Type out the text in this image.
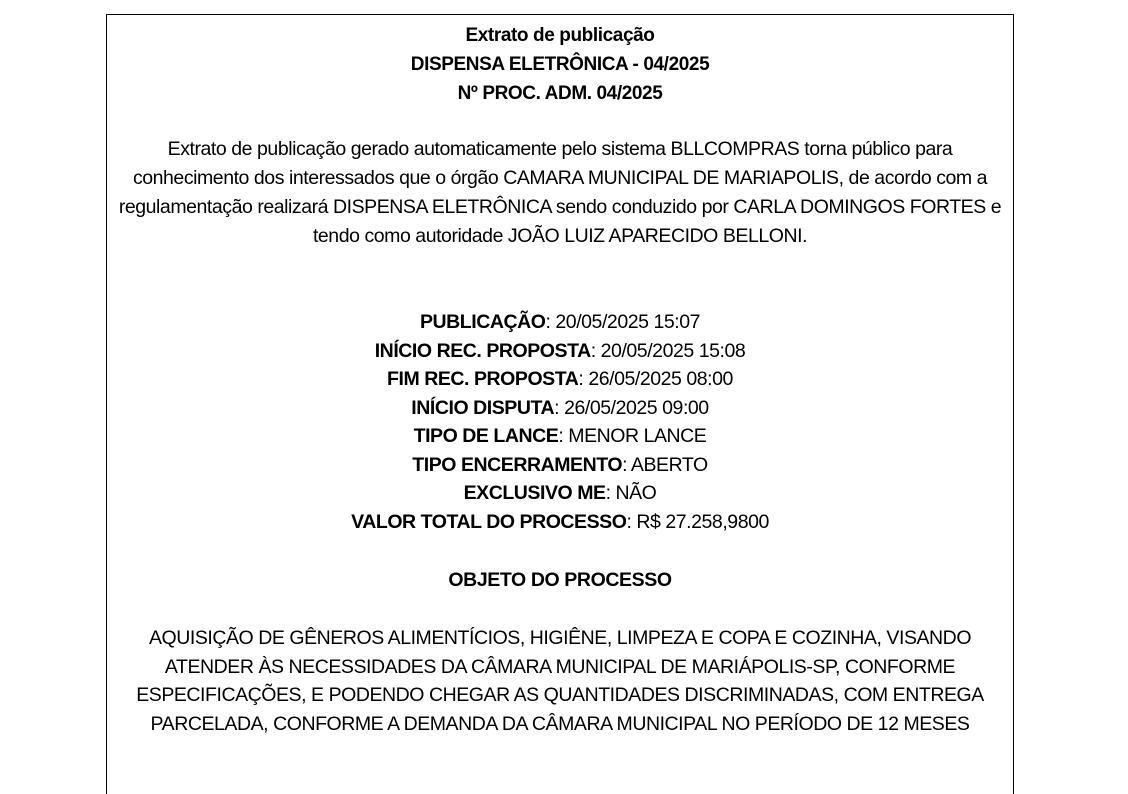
Extrato de publicação
DISPENSA ELETRÔNICA - 04/2025
Nº PROC. ADM. 04/2025
Extrato de publicação gerado automaticamente pelo sistema BLLCOMPRAS torna público para conhecimento dos interessados que o órgão CAMARA MUNICIPAL DE MARIAPOLIS, de acordo com a regulamentação realizará DISPENSA ELETRÔNICA sendo conduzido por CARLA DOMINGOS FORTES e tendo como autoridade JOÃO LUIZ APARECIDO BELLONI.
PUBLICAÇÃO: 20/05/2025 15:07
INÍCIO REC. PROPOSTA: 20/05/2025 15:08
FIM REC. PROPOSTA: 26/05/2025 08:00
INÍCIO DISPUTA: 26/05/2025 09:00
TIPO DE LANCE: MENOR LANCE
TIPO ENCERRAMENTO: ABERTO
EXCLUSIVO ME: NÃO
VALOR TOTAL DO PROCESSO: R$ 27.258,9800
OBJETO DO PROCESSO
AQUISIÇÃO DE GÊNEROS ALIMENTÍCIOS, HIGIÊNE, LIMPEZA E COPA E COZINHA, VISANDO ATENDER ÀS NECESSIDADES DA CÂMARA MUNICIPAL DE MARIÁPOLIS-SP, CONFORME ESPECIFICAÇÕES, E PODENDO CHEGAR AS QUANTIDADES DISCRIMINADAS, COM ENTREGA PARCELADA, CONFORME A DEMANDA DA CÂMARA MUNICIPAL NO PERÍODO DE 12 MESES
